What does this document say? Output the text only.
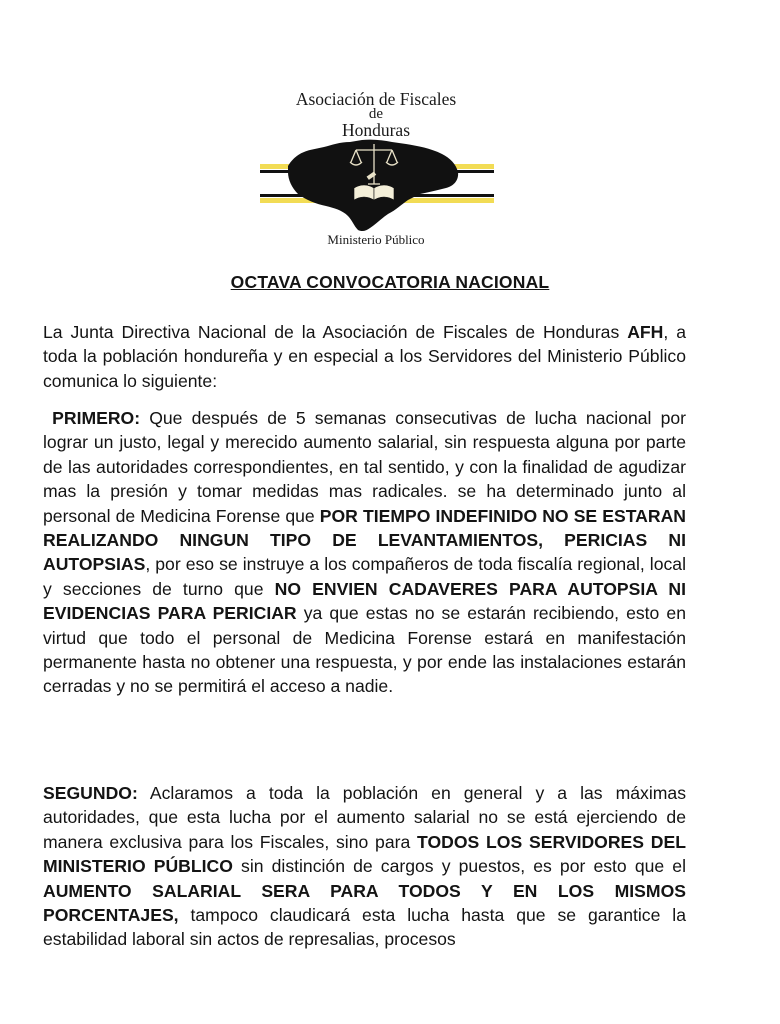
Asociación de Fiscales
de
Honduras
Ministerio Público
OCTAVA CONVOCATORIA NACIONAL

La Junta Directiva Nacional de la Asociación de Fiscales de Honduras AFH, a toda la población hondureña y en especial a los Servidores del Ministerio Público comunica lo siguiente:

PRIMERO: Que después de 5 semanas consecutivas de lucha nacional por lograr un justo, legal y merecido aumento salarial, sin respuesta alguna por parte de las autoridades correspondientes, en tal sentido, y con la finalidad de agudizar mas la presión y tomar medidas mas radicales. se ha determinado junto al personal de Medicina Forense que POR TIEMPO INDEFINIDO NO SE ESTARAN REALIZANDO NINGUN TIPO DE LEVANTAMIENTOS, PERICIAS NI AUTOPSIAS, por eso se instruye a los compañeros de toda fiscalía regional, local y secciones de turno que NO ENVIEN CADAVERES PARA AUTOPSIA NI EVIDENCIAS PARA PERICIAR ya que estas no se estarán recibiendo, esto en virtud que todo el personal de Medicina Forense estará en manifestación permanente hasta no obtener una respuesta, y por ende las instalaciones estarán cerradas y no se permitirá el acceso a nadie.

SEGUNDO: Aclaramos a toda la población en general y a las máximas autoridades, que esta lucha por el aumento salarial no se está ejerciendo de manera exclusiva para los Fiscales, sino para TODOS LOS SERVIDORES DEL MINISTERIO PÚBLICO sin distinción de cargos y puestos, es por esto que el AUMENTO SALARIAL SERA PARA TODOS Y EN LOS MISMOS PORCENTAJES, tampoco claudicará esta lucha hasta que se garantice la estabilidad laboral sin actos de represalias, procesos
